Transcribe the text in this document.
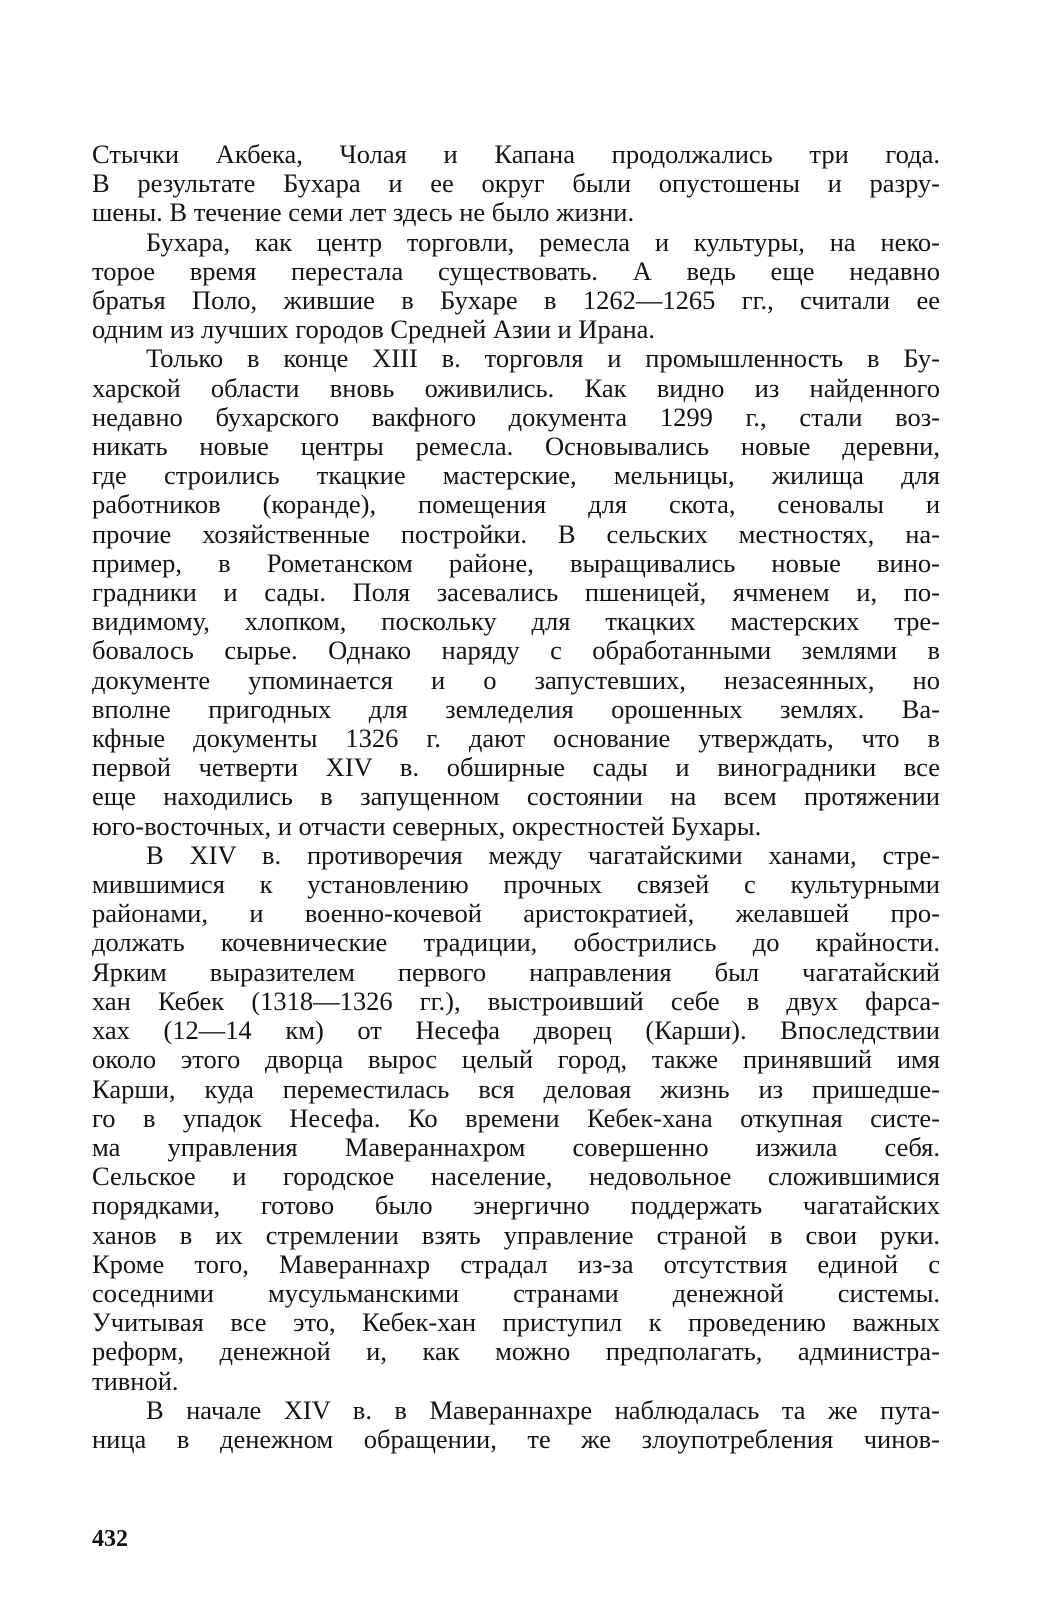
Стычки Акбека, Чолая и Капана продолжались три года.
В результате Бухара и ее округ были опустошены и разру-
шены. В течение семи лет здесь не было жизни.

Бухара, как центр торговли, ремесла и культуры, на неко-
торое время перестала существовать. А ведь еще недавно
братья Поло, жившие в Бухаре в 1262—1265 гг., считали ее
одним из лучших городов Средней Азии и Ирана.

Только в конце XIII в. торговля и промышленность в Бу-
харской области вновь оживились. Как видно из найденного
недавно бухарского вакфного документа 1299 г., стали воз-
никать новые центры ремесла. Основывались новые деревни,
где строились ткацкие мастерские, мельницы, жилища для
работников (коранде), помещения для скота, сеновалы и
прочие хозяйственные постройки. В сельских местностях, на-
пример, в Рометанском районе, выращивались новые вино-
градники и сады. Поля засевались пшеницей, ячменем и, по-
видимому, хлопком, поскольку для ткацких мастерских тре-
бовалось сырье. Однако наряду с обработанными землями в
документе упоминается и о запустевших, незасеянных, но
вполне пригодных для земледелия орошенных землях. Ва-
кфные документы 1326 г. дают основание утверждать, что в
первой четверти XIV в. обширные сады и виноградники все
еще находились в запущенном состоянии на всем протяжении
юго-восточных, и отчасти северных, окрестностей Бухары.

В XIV в. противоречия между чагатайскими ханами, стре-
мившимися к установлению прочных связей с культурными
районами, и военно-кочевой аристократией, желавшей про-
должать кочевнические традиции, обострились до крайности.
Ярким выразителем первого направления был чагатайский
хан Кебек (1318—1326 гг.), выстроивший себе в двух фарса-
хах (12—14 км) от Несефа дворец (Карши). Впоследствии
около этого дворца вырос целый город, также принявший имя
Карши, куда переместилась вся деловая жизнь из пришедше-
го в упадок Несефа. Ко времени Кебек-хана откупная систе-
ма управления Мавераннахром совершенно изжила себя.
Сельское и городское население, недовольное сложившимися
порядками, готово было энергично поддержать чагатайских
ханов в их стремлении взять управление страной в свои руки.
Кроме того, Мавераннахр страдал из-за отсутствия единой с
соседними мусульманскими странами денежной системы.
Учитывая все это, Кебек-хан приступил к проведению важных
реформ, денежной и, как можно предполагать, администра-
тивной.

В начале XIV в. в Мавераннахре наблюдалась та же пута-
ница в денежном обращении, те же злоупотребления чинов-

432
